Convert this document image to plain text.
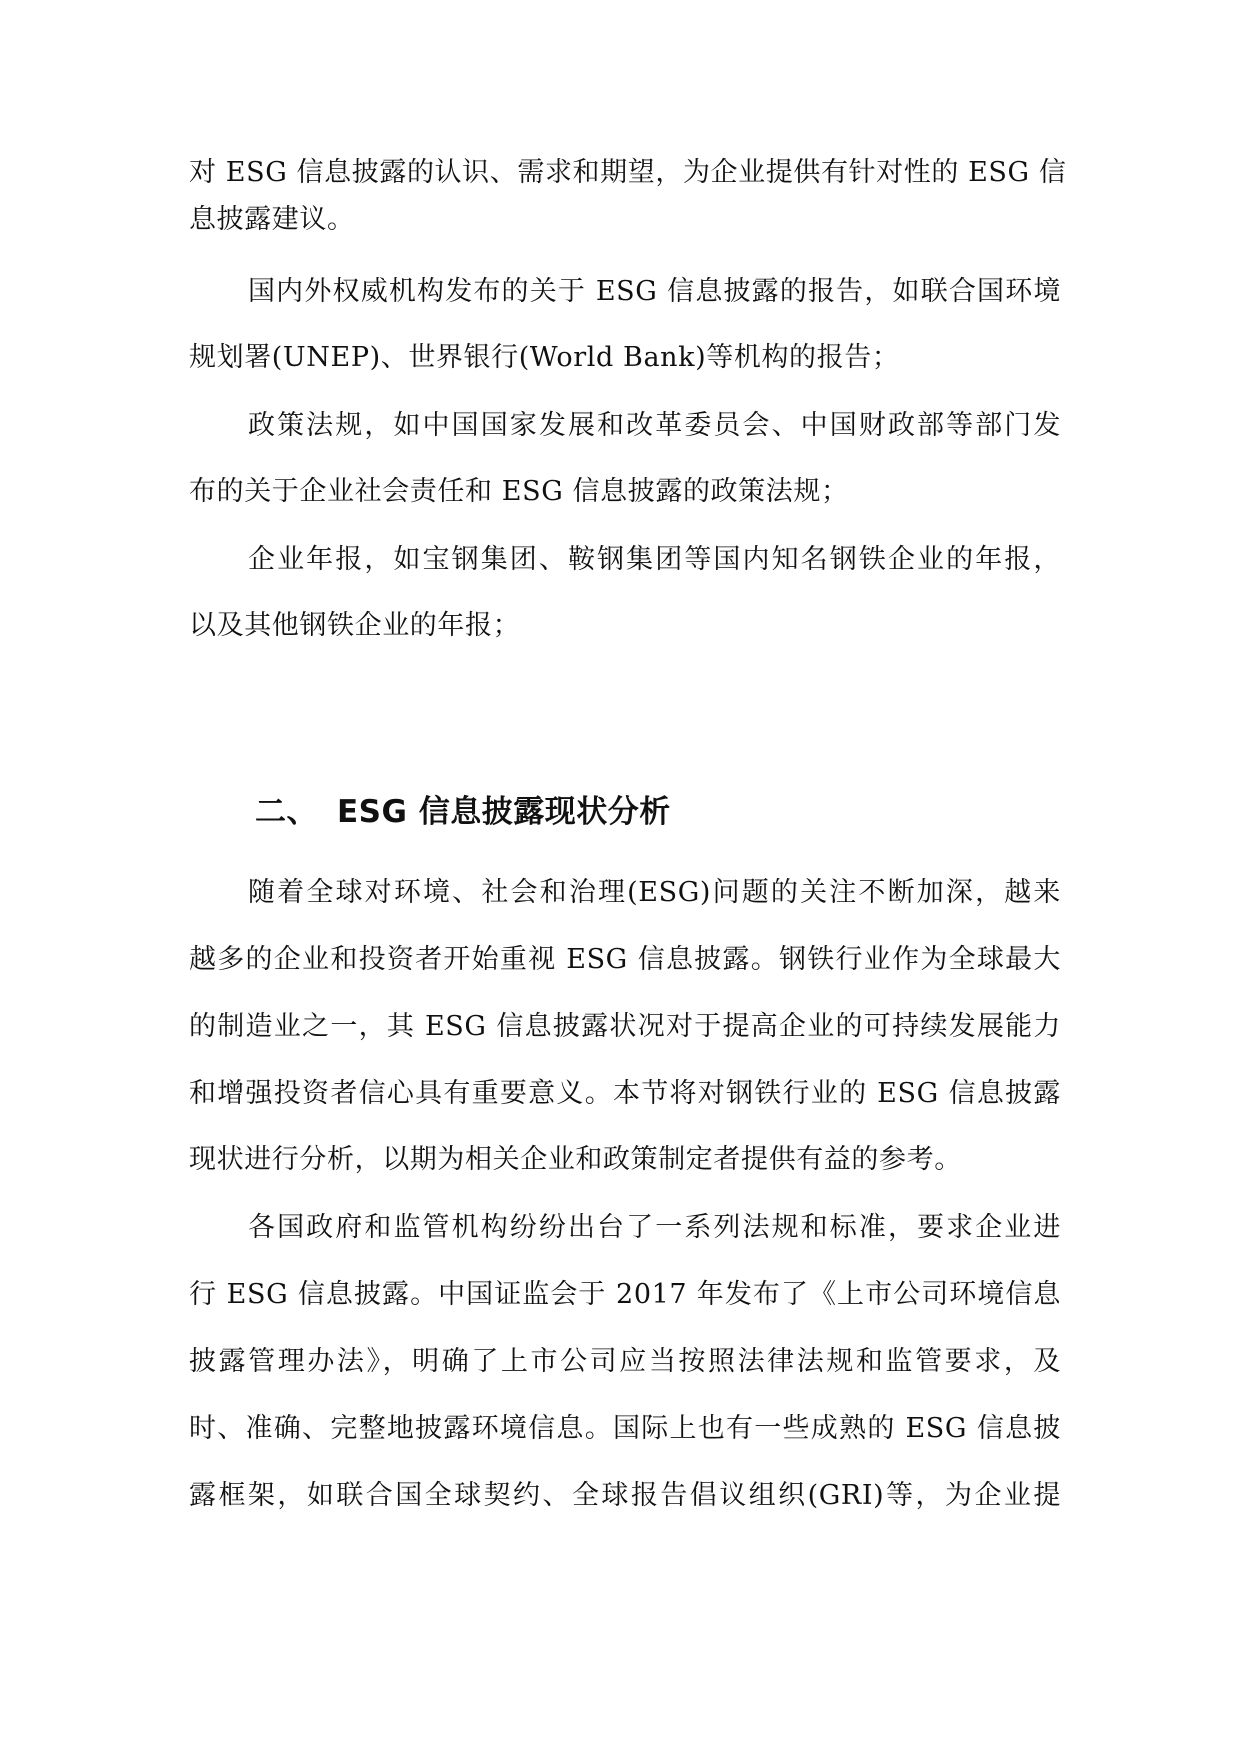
对 ESG 信息披露的认识、需求和期望，为企业提供有针对性的 ESG 信
息披露建议。
国内外权威机构发布的关于 ESG 信息披露的报告，如联合国环境
规划署(UNEP)、世界银行(World Bank)等机构的报告；
政策法规，如中国国家发展和改革委员会、中国财政部等部门发
布的关于企业社会责任和 ESG 信息披露的政策法规；
企业年报，如宝钢集团、鞍钢集团等国内知名钢铁企业的年报，
以及其他钢铁企业的年报；
二、 ESG 信息披露现状分析
随着全球对环境、社会和治理(ESG)问题的关注不断加深，越来
越多的企业和投资者开始重视 ESG 信息披露。钢铁行业作为全球最大
的制造业之一，其 ESG 信息披露状况对于提高企业的可持续发展能力
和增强投资者信心具有重要意义。本节将对钢铁行业的 ESG 信息披露
现状进行分析，以期为相关企业和政策制定者提供有益的参考。
各国政府和监管机构纷纷出台了一系列法规和标准，要求企业进
行 ESG 信息披露。中国证监会于 2017 年发布了《上市公司环境信息
披露管理办法》，明确了上市公司应当按照法律法规和监管要求，及
时、准确、完整地披露环境信息。国际上也有一些成熟的 ESG 信息披
露框架，如联合国全球契约、全球报告倡议组织(GRI)等，为企业提
